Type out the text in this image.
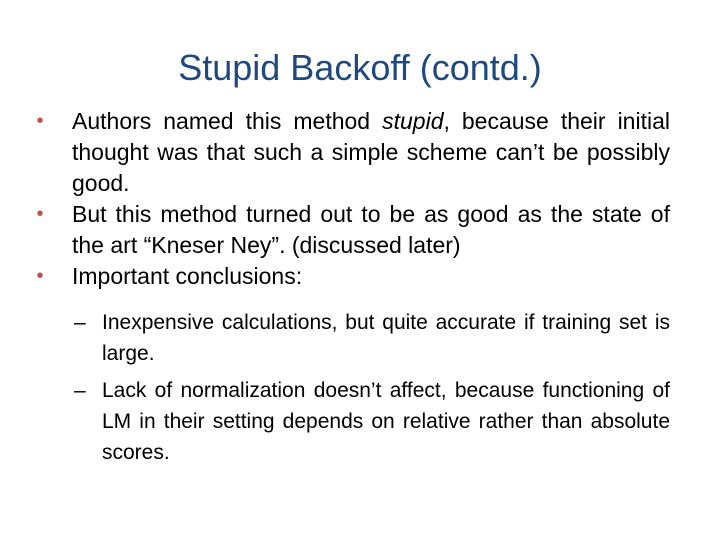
Stupid Backoff (contd.)
• Authors named this method stupid, because their initial thought was that such a simple scheme can’t be possibly good.
• But this method turned out to be as good as the state of the art “Kneser Ney”. (discussed later)
• Important conclusions:
– Inexpensive calculations, but quite accurate if training set is large.
– Lack of normalization doesn’t affect, because functioning of LM in their setting depends on relative rather than absolute scores.
